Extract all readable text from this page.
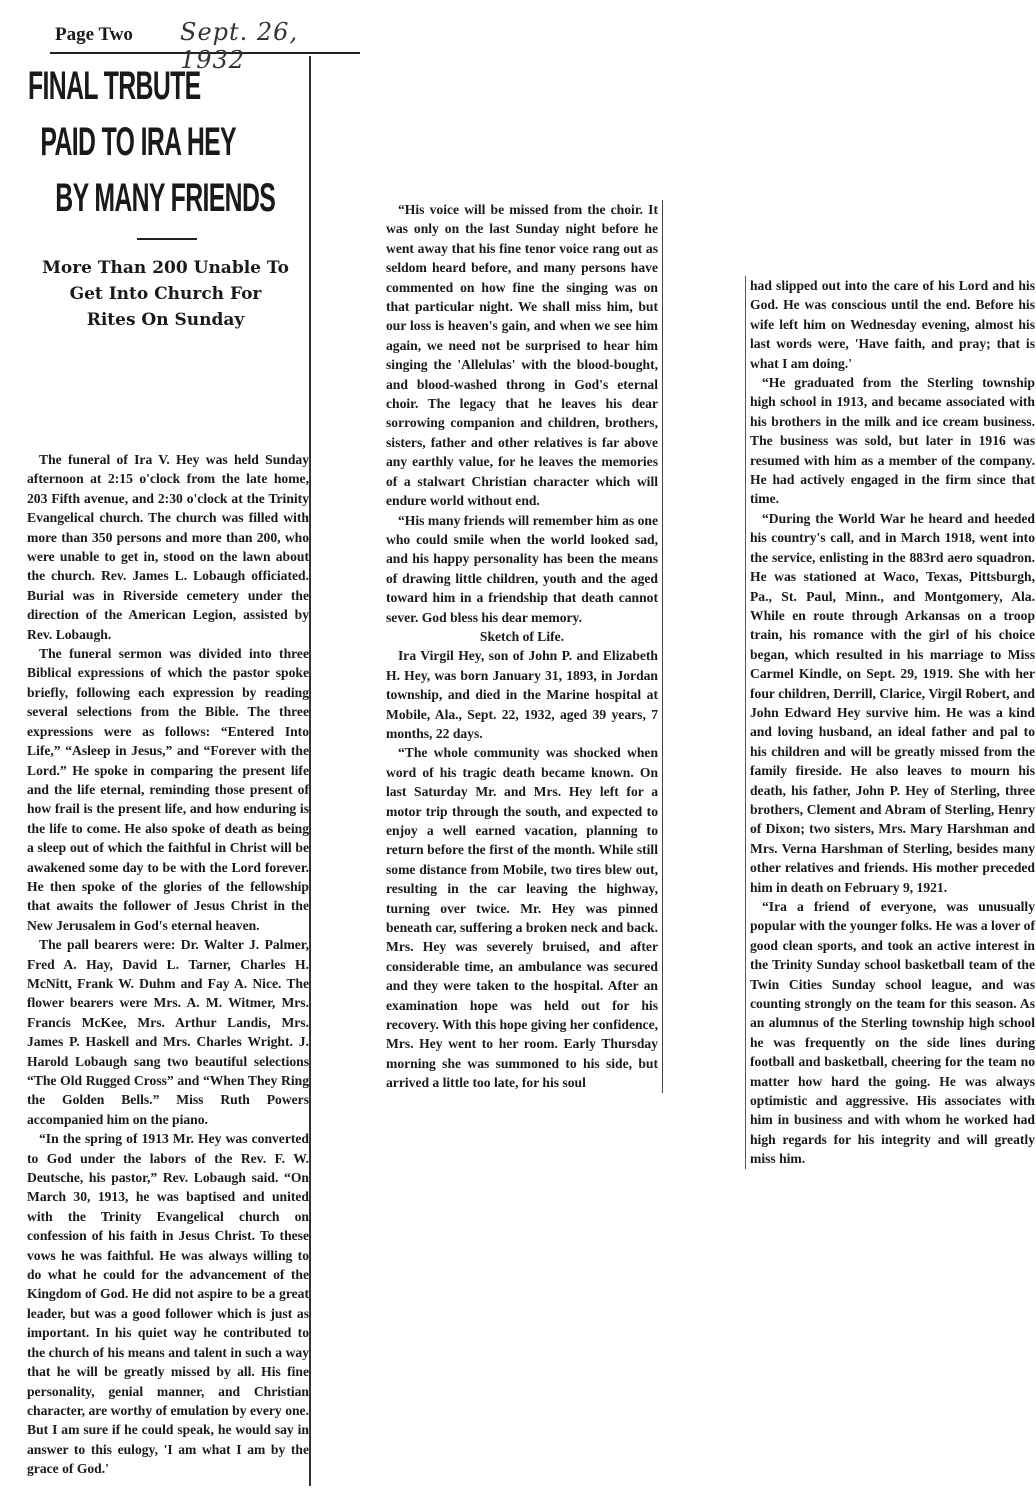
Page Two Sept. 26, 1932
FINAL TRBUTE
PAID TO IRA HEY
BY MANY FRIENDS
More Than 200 Unable To
Get Into Church For
Rites On Sunday

The funeral of Ira V. Hey was held Sunday afternoon at 2:15 o'clock from the late home, 203 Fifth avenue, and 2:30 o'clock at the Trinity Evangelical church. The church was filled with more than 350 persons and more than 200, who were unable to get in, stood on the lawn about the church. Rev. James L. Lobaugh officiated. Burial was in Riverside cemetery under the direction of the American Legion, assisted by Rev. Lobaugh.

The funeral sermon was divided into three Biblical expressions of which the pastor spoke briefly, following each expression by reading several selections from the Bible. The three expressions were as follows: “Entered Into Life,” “Asleep in Jesus,” and “Forever with the Lord.” He spoke in comparing the present life and the life eternal, reminding those present of how frail is the present life, and how enduring is the life to come. He also spoke of death as being a sleep out of which the faithful in Christ will be awakened some day to be with the Lord forever. He then spoke of the glories of the fellowship that awaits the follower of Jesus Christ in the New Jerusalem in God's eternal heaven.

The pall bearers were: Dr. Walter J. Palmer, Fred A. Hay, David L. Tarner, Charles H. McNitt, Frank W. Duhm and Fay A. Nice. The flower bearers were Mrs. A. M. Witmer, Mrs. Francis McKee, Mrs. Arthur Landis, Mrs. James P. Haskell and Mrs. Charles Wright. J. Harold Lobaugh sang two beautiful selections “The Old Rugged Cross” and “When They Ring the Golden Bells.” Miss Ruth Powers accompanied him on the piano.

“In the spring of 1913 Mr. Hey was converted to God under the labors of the Rev. F. W. Deutsche, his pastor,” Rev. Lobaugh said. “On March 30, 1913, he was baptised and united with the Trinity Evangelical church on confession of his faith in Jesus Christ. To these vows he was faithful. He was always willing to do what he could for the advancement of the Kingdom of God. He did not aspire to be a great leader, but was a good follower which is just as important. In his quiet way he contributed to the church of his means and talent in such a way that he will be greatly missed by all. His fine personality, genial manner, and Christian character, are worthy of emulation by every one. But I am sure if he could speak, he would say in answer to this eulogy, 'I am what I am by the grace of God.'

“His voice will be missed from the choir. It was only on the last Sunday night before he went away that his fine tenor voice rang out as seldom heard before, and many persons have commented on how fine the singing was on that particular night. We shall miss him, but our loss is heaven's gain, and when we see him again, we need not be surprised to hear him singing the 'Allelulas' with the blood-bought, and blood-washed throng in God's eternal choir. The legacy that he leaves his dear sorrowing companion and children, brothers, sisters, father and other relatives is far above any earthly value, for he leaves the memories of a stalwart Christian character which will endure world without end.

“His many friends will remember him as one who could smile when the world looked sad, and his happy personality has been the means of drawing little children, youth and the aged toward him in a friendship that death cannot sever. God bless his dear memory.

Sketch of Life.

Ira Virgil Hey, son of John P. and Elizabeth H. Hey, was born January 31, 1893, in Jordan township, and died in the Marine hospital at Mobile, Ala., Sept. 22, 1932, aged 39 years, 7 months, 22 days.

“The whole community was shocked when word of his tragic death became known. On last Saturday Mr. and Mrs. Hey left for a motor trip through the south, and expected to enjoy a well earned vacation, planning to return before the first of the month. While still some distance from Mobile, two tires blew out, resulting in the car leaving the highway, turning over twice. Mr. Hey was pinned beneath car, suffering a broken neck and back. Mrs. Hey was severely bruised, and after considerable time, an ambulance was secured and they were taken to the hospital. After an examination hope was held out for his recovery. With this hope giving her confidence, Mrs. Hey went to her room. Early Thursday morning she was summoned to his side, but arrived a little too late, for his soul

had slipped out into the care of his Lord and his God. He was conscious until the end. Before his wife left him on Wednesday evening, almost his last words were, 'Have faith, and pray; that is what I am doing.'

“He graduated from the Sterling township high school in 1913, and became associated with his brothers in the milk and ice cream business. The business was sold, but later in 1916 was resumed with him as a member of the company. He had actively engaged in the firm since that time.

“During the World War he heard and heeded his country's call, and in March 1918, went into the service, enlisting in the 883rd aero squadron. He was stationed at Waco, Texas, Pittsburgh, Pa., St. Paul, Minn., and Montgomery, Ala. While en route through Arkansas on a troop train, his romance with the girl of his choice began, which resulted in his marriage to Miss Carmel Kindle, on Sept. 29, 1919. She with her four children, Derrill, Clarice, Virgil Robert, and John Edward Hey survive him. He was a kind and loving husband, an ideal father and pal to his children and will be greatly missed from the family fireside. He also leaves to mourn his death, his father, John P. Hey of Sterling, three brothers, Clement and Abram of Sterling, Henry of Dixon; two sisters, Mrs. Mary Harshman and Mrs. Verna Harshman of Sterling, besides many other relatives and friends. His mother preceded him in death on February 9, 1921.

“Ira a friend of everyone, was unusually popular with the younger folks. He was a lover of good clean sports, and took an active interest in the Trinity Sunday school basketball team of the Twin Cities Sunday school league, and was counting strongly on the team for this season. As an alumnus of the Sterling township high school he was frequently on the side lines during football and basketball, cheering for the team no matter how hard the going. He was always optimistic and aggressive. His associates with him in business and with whom he worked had high regards for his integrity and will greatly miss him.
